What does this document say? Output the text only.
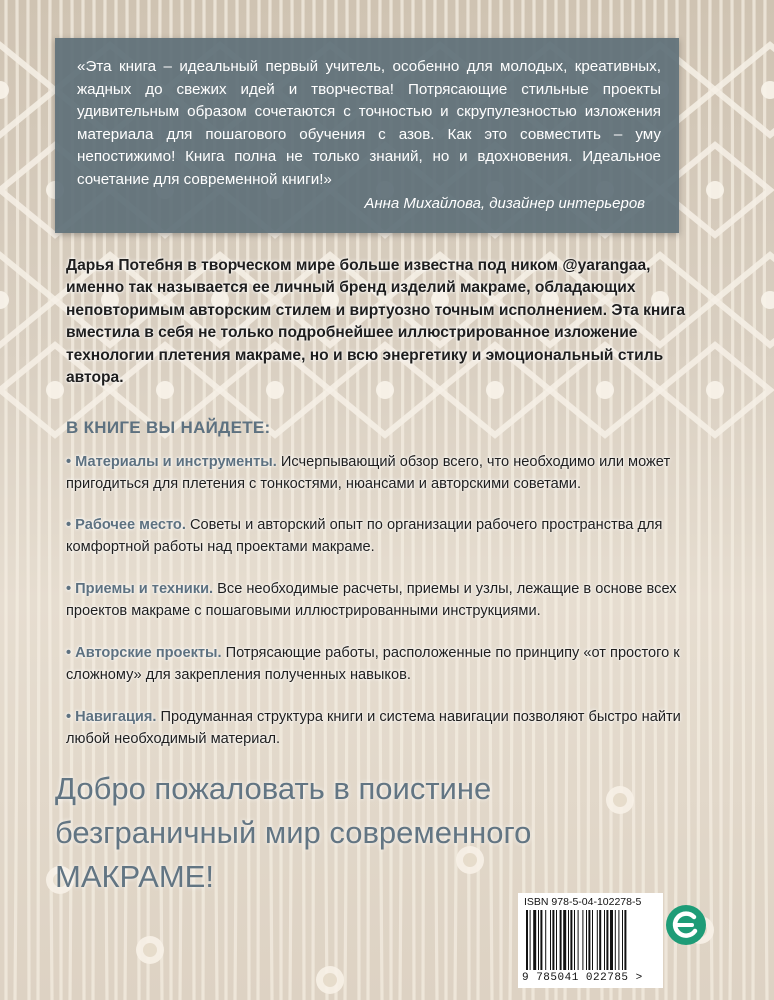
«Эта книга – идеальный первый учитель, особенно для молодых, креативных, жадных до свежих идей и творчества! Потрясающие стильные проекты удивительным образом сочетаются с точностью и скрупулезностью изложения материала для пошагового обучения с азов. Как это совместить – уму непостижимо! Книга полна не только знаний, но и вдохновения. Идеальное сочетание для современной книги!»

Анна Михайлова, дизайнер интерьеров

Дарья Потебня в творческом мире больше известна под ником @yarangaa, именно так называется ее личный бренд изделий макраме, обладающих неповторимым авторским стилем и виртуозно точным исполнением. Эта книга вместила в себя не только подробнейшее иллюстрированное изложение технологии плетения макраме, но и всю энергетику и эмоциональный стиль автора.

В КНИГЕ ВЫ НАЙДЕТЕ:

• Материалы и инструменты. Исчерпывающий обзор всего, что необходимо или может пригодиться для плетения с тонкостями, нюансами и авторскими советами.

• Рабочее место. Советы и авторский опыт по организации рабочего пространства для комфортной работы над проектами макраме.

• Приемы и техники. Все необходимые расчеты, приемы и узлы, лежащие в основе всех проектов макраме с пошаговыми иллюстрированными инструкциями.

• Авторские проекты. Потрясающие работы, расположенные по принципу «от простого к сложному» для закрепления полученных навыков.

• Навигация. Продуманная структура книги и система навигации позволяют быстро найти любой необходимый материал.

Добро пожаловать в поистине
безграничный мир современного
МАКРАМЕ!

ISBN 978-5-04-102278-5
9 785041 022785 >
